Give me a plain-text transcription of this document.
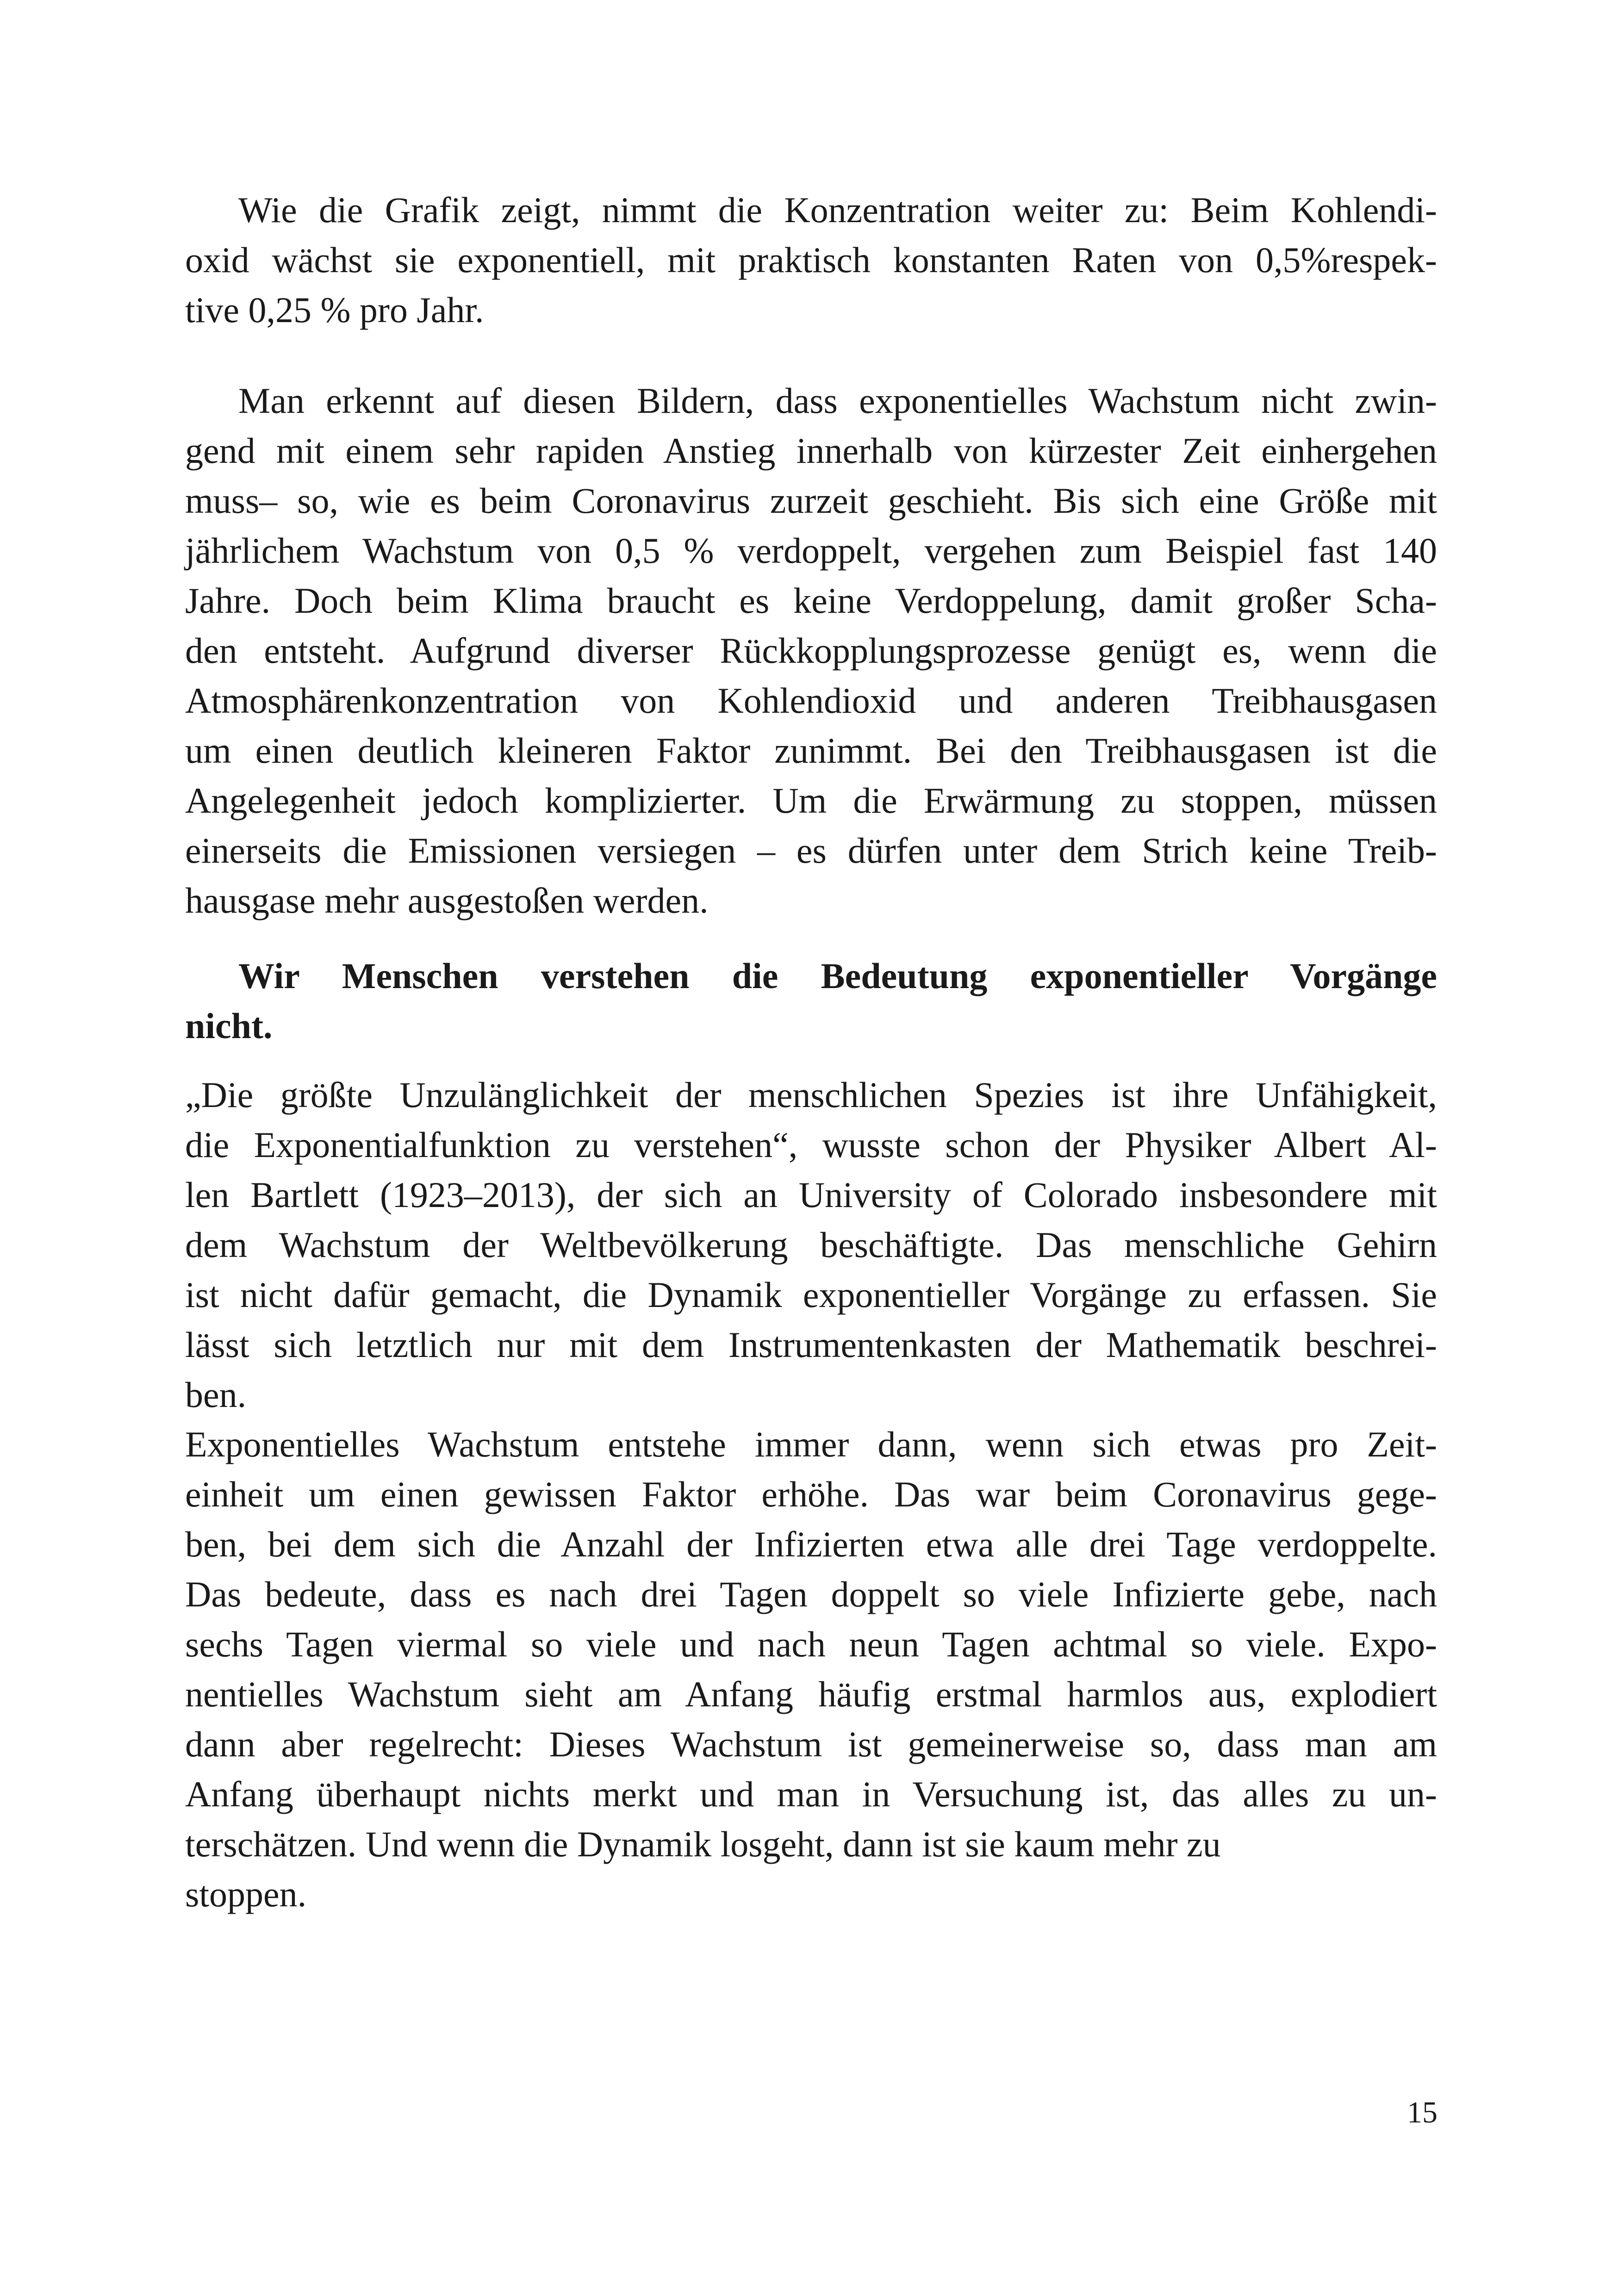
Wie die Grafik zeigt, nimmt die Konzentration weiter zu: Beim Kohlendi-
oxid wächst sie exponentiell, mit praktisch konstanten Raten von 0,5%respek-
tive 0,25 % pro Jahr.
Man erkennt auf diesen Bildern, dass exponentielles Wachstum nicht zwin-
gend mit einem sehr rapiden Anstieg innerhalb von kürzester Zeit einhergehen
muss– so, wie es beim Coronavirus zurzeit geschieht. Bis sich eine Größe mit
jährlichem Wachstum von 0,5 % verdoppelt, vergehen zum Beispiel fast 140
Jahre. Doch beim Klima braucht es keine Verdoppelung, damit großer Scha-
den entsteht. Aufgrund diverser Rückkopplungsprozesse genügt es, wenn die
Atmosphärenkonzentration von Kohlendioxid und anderen Treibhausgasen
um einen deutlich kleineren Faktor zunimmt. Bei den Treibhausgasen ist die
Angelegenheit jedoch komplizierter. Um die Erwärmung zu stoppen, müssen
einerseits die Emissionen versiegen – es dürfen unter dem Strich keine Treib-
hausgase mehr ausgestoßen werden.
Wir Menschen verstehen die Bedeutung exponentieller Vorgänge
nicht.
„Die größte Unzulänglichkeit der menschlichen Spezies ist ihre Unfähigkeit,
die Exponentialfunktion zu verstehen“, wusste schon der Physiker Albert Al-
len Bartlett (1923–2013), der sich an University of Colorado insbesondere mit
dem Wachstum der Weltbevölkerung beschäftigte. Das menschliche Gehirn
ist nicht dafür gemacht, die Dynamik exponentieller Vorgänge zu erfassen. Sie
lässt sich letztlich nur mit dem Instrumentenkasten der Mathematik beschrei-
ben.
Exponentielles Wachstum entstehe immer dann, wenn sich etwas pro Zeit-
einheit um einen gewissen Faktor erhöhe. Das war beim Coronavirus gege-
ben, bei dem sich die Anzahl der Infizierten etwa alle drei Tage verdoppelte.
Das bedeute, dass es nach drei Tagen doppelt so viele Infizierte gebe, nach
sechs Tagen viermal so viele und nach neun Tagen achtmal so viele. Expo-
nentielles Wachstum sieht am Anfang häufig erstmal harmlos aus, explodiert
dann aber regelrecht: Dieses Wachstum ist gemeinerweise so, dass man am
Anfang überhaupt nichts merkt und man in Versuchung ist, das alles zu un-
terschätzen. Und wenn die Dynamik losgeht, dann ist sie kaum mehr zu
stoppen.
15
